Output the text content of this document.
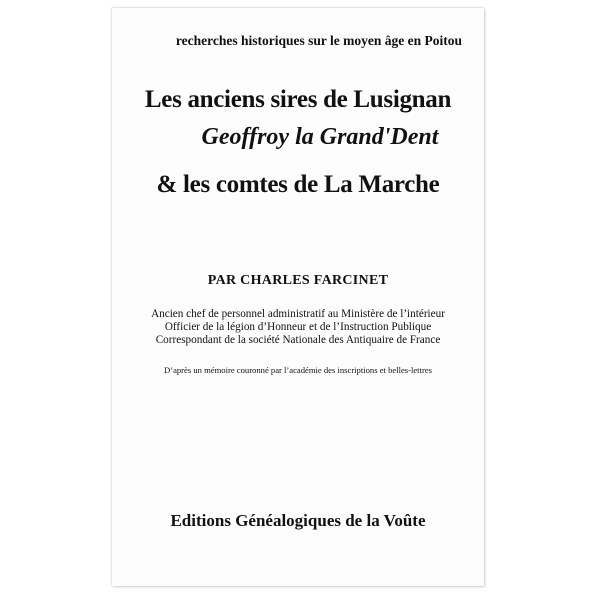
recherches historiques sur le moyen âge en Poitou
Les anciens sires de Lusignan
Geoffroy la Grand'Dent
& les comtes de La Marche
PAR CHARLES FARCINET
Ancien chef de personnel administratif au Ministère de l’intérieur
Officier de la légion d’Honneur et de l’Instruction Publique
Correspondant de la société Nationale des Antiquaire de France
D’après un mémoire couronné par l’académie des inscriptions et belles-lettres
Editions Généalogiques de la Voûte
